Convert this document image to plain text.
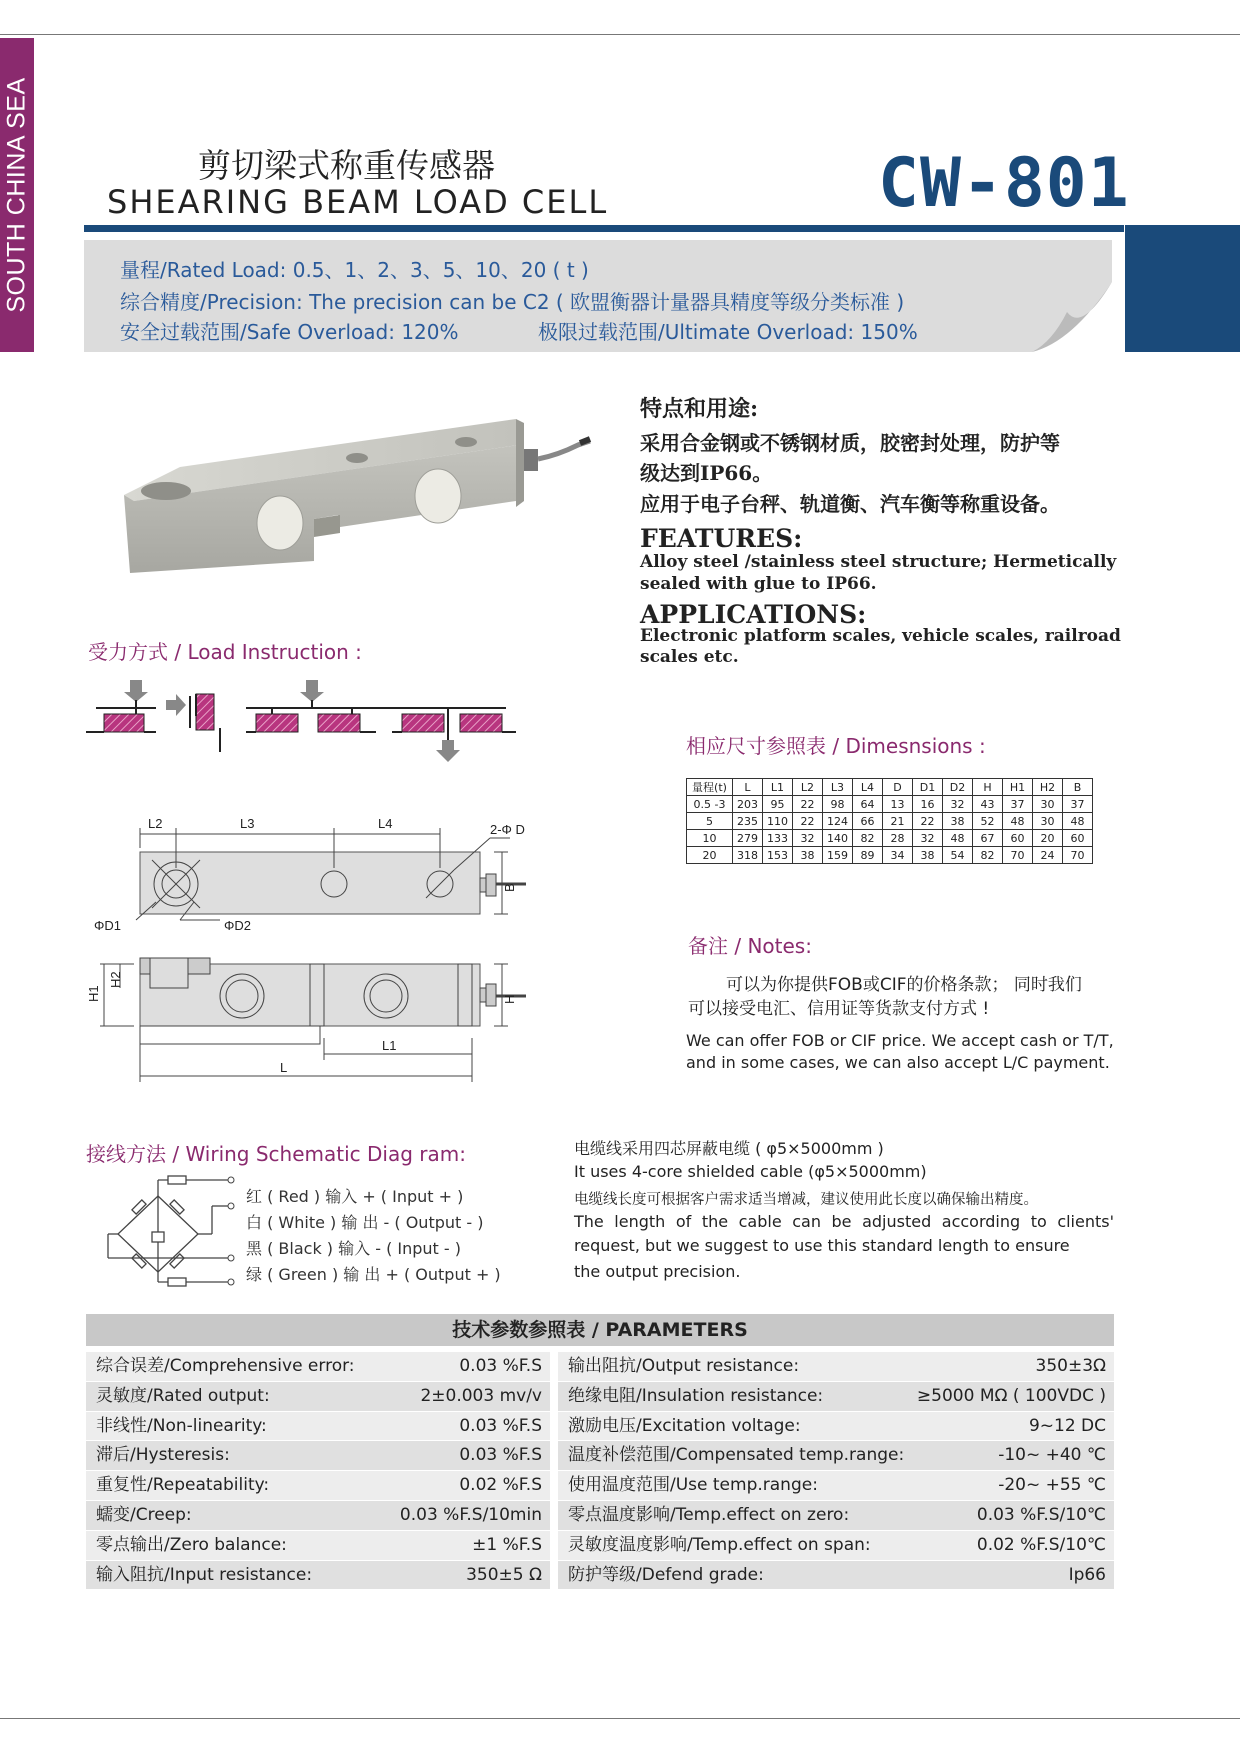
SOUTH CHINA SEA	剪切梁式称重传感器
SHEARING BEAM LOAD CELL	CW-801
量程/Rated Load: 0.5、1、2、3、5、10、20 ( t )
综合精度/Precision: The precision can be C2 ( 欧盟衡器计量器具精度等级分类标准 )
安全过载范围/Safe Overload: 120%	极限过载范围/Ultimate Overload: 150%
特点和用途:
采用合金钢或不锈钢材质，胶密封处理，防护等
级达到IP66。
应用于电子台秤、轨道衡、汽车衡等称重设备。
FEATURES:
Alloy steel /stainless steel structure; Hermetically
sealed with glue to IP66.
APPLICATIONS:
Electronic platform scales, vehicle scales, railroad
scales etc.
受力方式 / Load Instruction :
相应尺寸参照表 / Dimesnsions :
量程(t)	L	L1	L2	L3	L4	D	D1	D2	H	H1	H2	B
0.5 -3	203	95	22	98	64	13	16	32	43	37	30	37
5	235	110	22	124	66	21	22	38	52	48	30	48
10	279	133	32	140	82	28	32	48	67	60	20	60
20	318	153	38	159	89	34	38	54	82	70	24	70
L2	L3	L4	2-Φ D
B
ΦD1	ΦD2
H1
H2
H
L1
L
备注 / Notes:
可以为你提供FOB或CIF的价格条款； 同时我们
可以接受电汇、信用证等货款支付方式 !
We can offer FOB or CIF price. We accept cash or T/T,
and in some cases, we can also accept L/C payment.
接线方法 / Wiring Schematic Diag ram:
红 ( Red ) 输入 + ( Input + )
白 ( White ) 输 出 - ( Output - )
黑 ( Black ) 输入 - ( Input - )
绿 ( Green ) 输 出 + ( Output + )
电缆线采用四芯屏蔽电缆 ( φ5×5000mm )
It uses 4-core shielded cable (φ5×5000mm)
电缆线长度可根据客户需求适当增减，建议使用此长度以确保输出精度。
The length of the cable can be adjusted according to clients'
request, but we suggest to use this standard length to ensure
the output precision.
技术参数参照表 / PARAMETERS
综合误差/Comprehensive error:	0.03 %F.S
灵敏度/Rated output:	2±0.003 mv/v
非线性/Non-linearity:	0.03 %F.S
滞后/Hysteresis:	0.03 %F.S
重复性/Repeatability:	0.02 %F.S
蠕变/Creep:	0.03 %F.S/10min
零点输出/Zero balance:	±1 %F.S
输入阻抗/Input resistance:	350±5 Ω
输出阻抗/Output resistance:	350±3Ω
绝缘电阻/Insulation resistance:	≥5000 MΩ ( 100VDC )
激励电压/Excitation voltage:	9~12 DC
温度补偿范围/Compensated temp.range:	-10~ +40 ℃
使用温度范围/Use temp.range:	-20~ +55 ℃
零点温度影响/Temp.effect on zero:	0.03 %F.S/10℃
灵敏度温度影响/Temp.effect on span:	0.02 %F.S/10℃
防护等级/Defend grade:	Ip66
